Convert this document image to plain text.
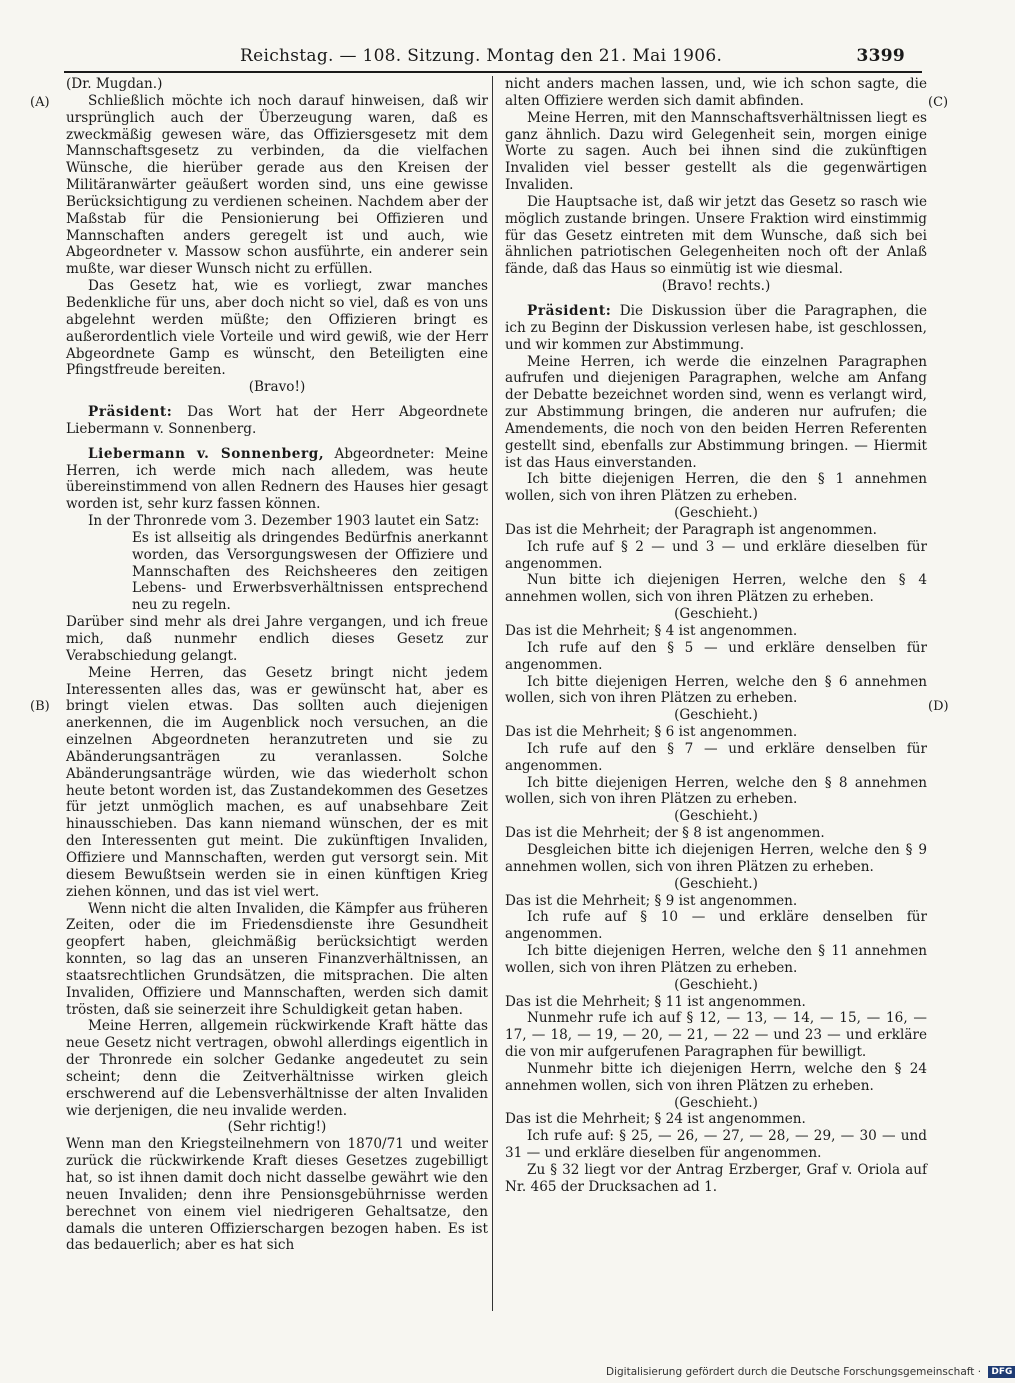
Reichstag. — 108. Sitzung. Montag den 21. Mai 1906.	3399
(A)
(B)
(C)
(D)

(Dr. Mugdan.)

Schließlich möchte ich noch darauf hinweisen, daß wir ursprünglich auch der Überzeugung waren, daß es zweckmäßig gewesen wäre, das Offiziersgesetz mit dem Mannschaftsgesetz zu verbinden, da die vielfachen Wünsche, die hierüber gerade aus den Kreisen der Militäranwärter geäußert worden sind, uns eine gewisse Berücksichtigung zu verdienen scheinen. Nachdem aber der Maßstab für die Pensionierung bei Offizieren und Mannschaften anders geregelt ist und auch, wie Abgeordneter v. Massow schon ausführte, ein anderer sein mußte, war dieser Wunsch nicht zu erfüllen.

Das Gesetz hat, wie es vorliegt, zwar manches Bedenkliche für uns, aber doch nicht so viel, daß es von uns abgelehnt werden müßte; den Offizieren bringt es außerordentlich viele Vorteile und wird gewiß, wie der Herr Abgeordnete Gamp es wünscht, den Beteiligten eine Pfingstfreude bereiten.

(Bravo!)

Präsident: Das Wort hat der Herr Abgeordnete Liebermann v. Sonnenberg.

Liebermann v. Sonnenberg, Abgeordneter: Meine Herren, ich werde mich nach alledem, was heute übereinstimmend von allen Rednern des Hauses hier gesagt worden ist, sehr kurz fassen können.

In der Thronrede vom 3. Dezember 1903 lautet ein Satz:

Es ist allseitig als dringendes Bedürfnis anerkannt worden, das Versorgungswesen der Offiziere und Mannschaften des Reichsheeres den zeitigen Lebens- und Erwerbsverhältnissen entsprechend neu zu regeln.

Darüber sind mehr als drei Jahre vergangen, und ich freue mich, daß nunmehr endlich dieses Gesetz zur Verabschiedung gelangt.

Meine Herren, das Gesetz bringt nicht jedem Interessenten alles das, was er gewünscht hat, aber es bringt vielen etwas. Das sollten auch diejenigen anerkennen, die im Augenblick noch versuchen, an die einzelnen Abgeordneten heranzutreten und sie zu Abänderungsanträgen zu veranlassen. Solche Abänderungsanträge würden, wie das wiederholt schon heute betont worden ist, das Zustandekommen des Gesetzes für jetzt unmöglich machen, es auf unabsehbare Zeit hinausschieben. Das kann niemand wünschen, der es mit den Interessenten gut meint. Die zukünftigen Invaliden, Offiziere und Mannschaften, werden gut versorgt sein. Mit diesem Bewußtsein werden sie in einen künftigen Krieg ziehen können, und das ist viel wert.

Wenn nicht die alten Invaliden, die Kämpfer aus früheren Zeiten, oder die im Friedensdienste ihre Gesundheit geopfert haben, gleichmäßig berücksichtigt werden konnten, so lag das an unseren Finanzverhältnissen, an staatsrechtlichen Grundsätzen, die mitsprachen. Die alten Invaliden, Offiziere und Mannschaften, werden sich damit trösten, daß sie seinerzeit ihre Schuldigkeit getan haben.

Meine Herren, allgemein rückwirkende Kraft hätte das neue Gesetz nicht vertragen, obwohl allerdings eigentlich in der Thronrede ein solcher Gedanke angedeutet zu sein scheint; denn die Zeitverhältnisse wirken gleich erschwerend auf die Lebensverhältnisse der alten Invaliden wie derjenigen, die neu invalide werden.

(Sehr richtig!)

Wenn man den Kriegsteilnehmern von 1870/71 und weiter zurück die rückwirkende Kraft dieses Gesetzes zugebilligt hat, so ist ihnen damit doch nicht dasselbe gewährt wie den neuen Invaliden; denn ihre Pensionsgebührnisse werden berechnet von einem viel niedrigeren Gehaltsatze, den damals die unteren Offizierschargen bezogen haben. Es ist das bedauerlich; aber es hat sich

nicht anders machen lassen, und, wie ich schon sagte, die alten Offiziere werden sich damit abfinden.

Meine Herren, mit den Mannschaftsverhältnissen liegt es ganz ähnlich. Dazu wird Gelegenheit sein, morgen einige Worte zu sagen. Auch bei ihnen sind die zukünftigen Invaliden viel besser gestellt als die gegenwärtigen Invaliden.

Die Hauptsache ist, daß wir jetzt das Gesetz so rasch wie möglich zustande bringen. Unsere Fraktion wird einstimmig für das Gesetz eintreten mit dem Wunsche, daß sich bei ähnlichen patriotischen Gelegenheiten noch oft der Anlaß fände, daß das Haus so einmütig ist wie diesmal.

(Bravo! rechts.)

Präsident: Die Diskussion über die Paragraphen, die ich zu Beginn der Diskussion verlesen habe, ist geschlossen, und wir kommen zur Abstimmung.

Meine Herren, ich werde die einzelnen Paragraphen aufrufen und diejenigen Paragraphen, welche am Anfang der Debatte bezeichnet worden sind, wenn es verlangt wird, zur Abstimmung bringen, die anderen nur aufrufen; die Amendements, die noch von den beiden Herren Referenten gestellt sind, ebenfalls zur Abstimmung bringen. — Hiermit ist das Haus einverstanden.

Ich bitte diejenigen Herren, die den § 1 annehmen wollen, sich von ihren Plätzen zu erheben.

(Geschieht.)

Das ist die Mehrheit; der Paragraph ist angenommen.

Ich rufe auf § 2 — und 3 — und erkläre dieselben für angenommen.

Nun bitte ich diejenigen Herren, welche den § 4 annehmen wollen, sich von ihren Plätzen zu erheben.

(Geschieht.)

Das ist die Mehrheit; § 4 ist angenommen.

Ich rufe auf den § 5 — und erkläre denselben für angenommen.

Ich bitte diejenigen Herren, welche den § 6 annehmen wollen, sich von ihren Plätzen zu erheben.

(Geschieht.)

Das ist die Mehrheit; § 6 ist angenommen.

Ich rufe auf den § 7 — und erkläre denselben für angenommen.

Ich bitte diejenigen Herren, welche den § 8 annehmen wollen, sich von ihren Plätzen zu erheben.

(Geschieht.)

Das ist die Mehrheit; der § 8 ist angenommen.

Desgleichen bitte ich diejenigen Herren, welche den § 9 annehmen wollen, sich von ihren Plätzen zu erheben.

(Geschieht.)

Das ist die Mehrheit; § 9 ist angenommen.

Ich rufe auf § 10 — und erkläre denselben für angenommen.

Ich bitte diejenigen Herren, welche den § 11 annehmen wollen, sich von ihren Plätzen zu erheben.

(Geschieht.)

Das ist die Mehrheit; § 11 ist angenommen.

Nunmehr rufe ich auf § 12, — 13, — 14, — 15, — 16, — 17, — 18, — 19, — 20, — 21, — 22 — und 23 — und erkläre die von mir aufgerufenen Paragraphen für bewilligt.

Nunmehr bitte ich diejenigen Herrn, welche den § 24 annehmen wollen, sich von ihren Plätzen zu erheben.

(Geschieht.)

Das ist die Mehrheit; § 24 ist angenommen.

Ich rufe auf: § 25, — 26, — 27, — 28, — 29, — 30 — und 31 — und erkläre dieselben für angenommen.

Zu § 32 liegt vor der Antrag Erzberger, Graf v. Oriola auf Nr. 465 der Drucksachen ad 1.

Digitalisierung gefördert durch die Deutsche Forschungsgemeinschaft · DFG
